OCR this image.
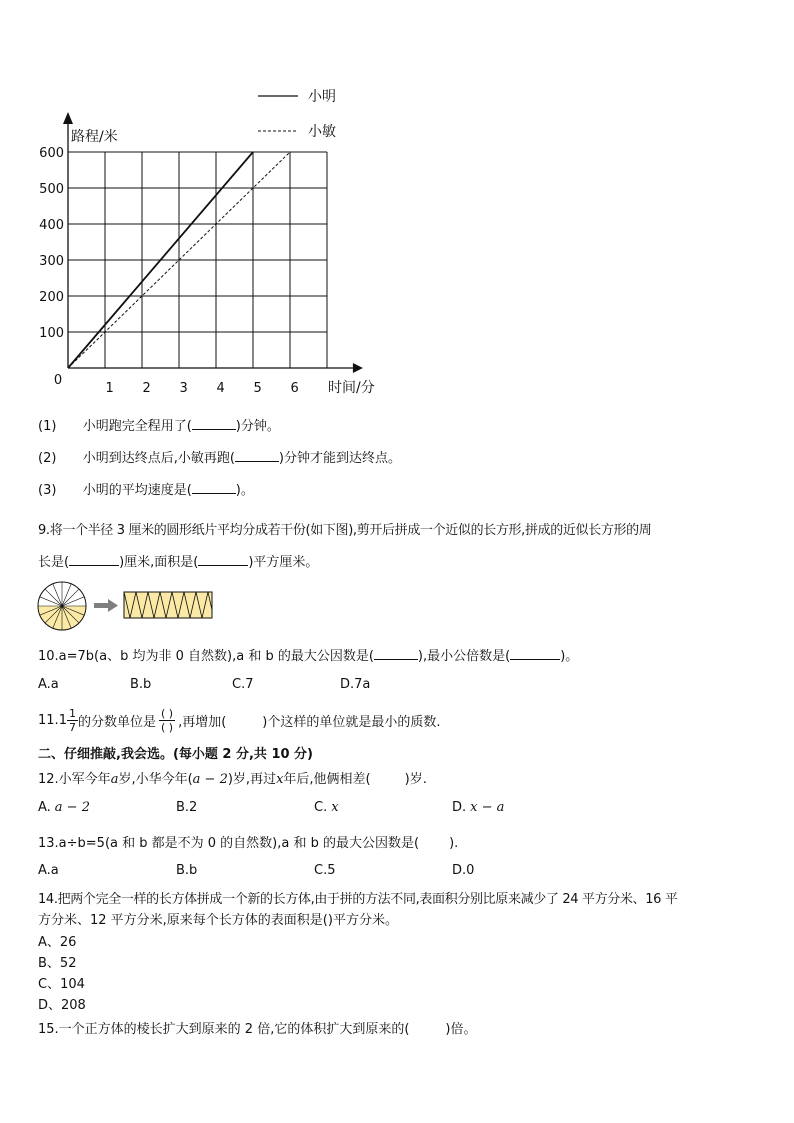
100
200
300
400
500
600
1 2 3 4 5 6
0
小明
小敏
路程/米
时间/分
(1) 小明跑完全程用了(	)分钟。
(2) 小明到达终点后,小敏再跑(	)分钟才能到达终点。
(3) 小明的平均速度是(	)。
9.将一个半径 3 厘米的圆形纸片平均分成若干份(如下图),剪开后拼成一个近似的长方形,拼成的近似长方形的周
长是(	)厘米,面积是(	)平方厘米。
10.a=7b(a、b 均为非 0 自然数),a 和 b 的最大公因数是(	),最小公倍数是(	)。
A.a	B.b	C.7	D.7a
11. $1 \frac{1}{7}$ 的分数单位是 $\frac{( )}{( )}$ ,再增加(	)个这样的单位就是最小的质数.
二、仔细推敲,我会选。(每小题 2 分,共 10 分)
12.小军今年a岁,小华今年(a − 2)岁,再过x年后,他俩相差(	)岁.
A. a − 2	B.2	C. x	D. x − a
13.a÷b=5(a 和 b 都是不为 0 的自然数),a 和 b 的最大公因数是( ).
A.a	B.b	C.5	D.0
14.把两个完全一样的长方体拼成一个新的长方体,由于拼的方法不同,表面积分别比原来减少了 24 平方分米、16 平
方分米、12 平方分米,原来每个长方体的表面积是()平方分米。
A、26
B、52
C、104
D、208
15.一个正方体的棱长扩大到原来的 2 倍,它的体积扩大到原来的(	)倍。
